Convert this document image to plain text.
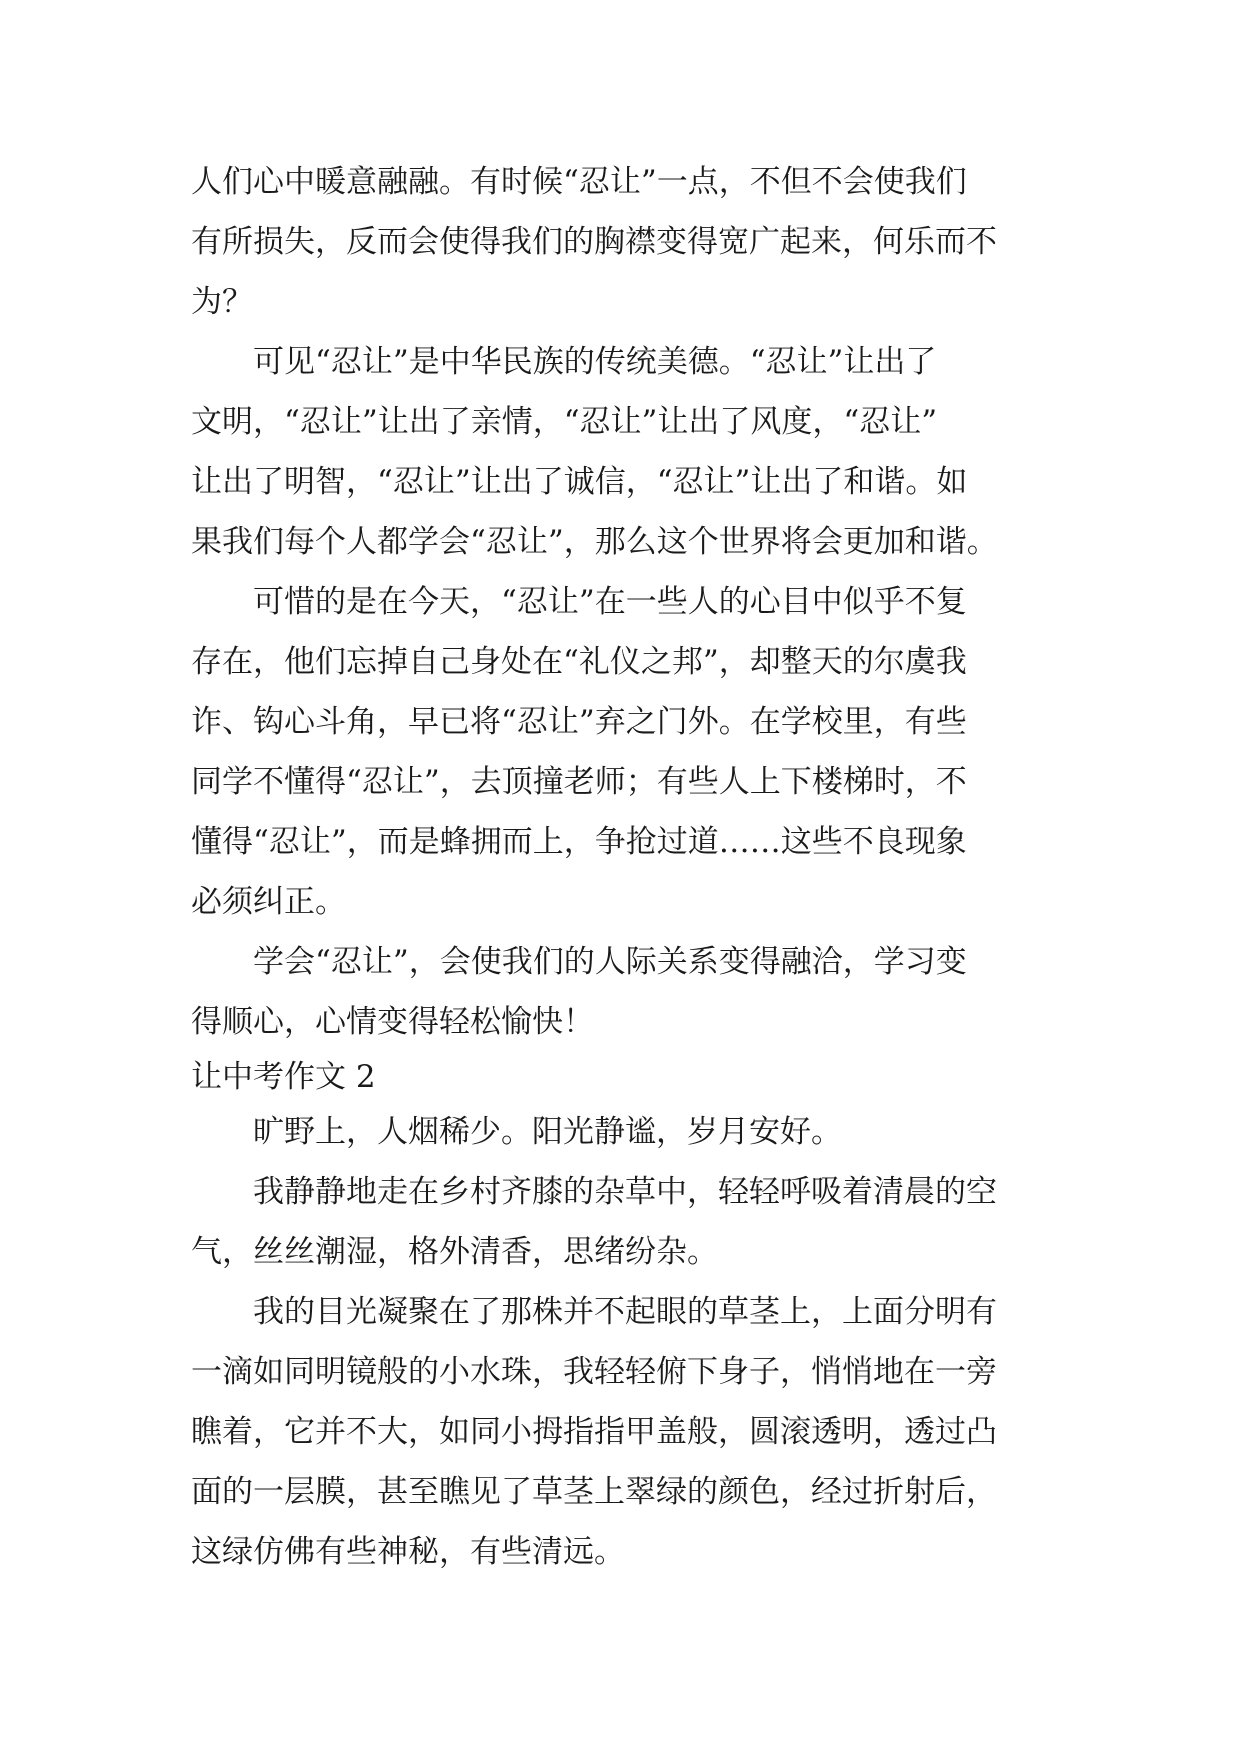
人们心中暖意融融。有时候“忍让”一点，不但不会使我们
有所损失，反而会使得我们的胸襟变得宽广起来，何乐而不
为？
可见“忍让”是中华民族的传统美德。“忍让”让出了
文明，“忍让”让出了亲情，“忍让”让出了风度，“忍让”
让出了明智，“忍让”让出了诚信，“忍让”让出了和谐。如
果我们每个人都学会“忍让”，那么这个世界将会更加和谐。
可惜的是在今天，“忍让”在一些人的心目中似乎不复
存在，他们忘掉自己身处在“礼仪之邦”，却整天的尔虞我
诈、钩心斗角，早已将“忍让”弃之门外。在学校里，有些
同学不懂得“忍让”，去顶撞老师；有些人上下楼梯时，不
懂得“忍让”，而是蜂拥而上，争抢过道……这些不良现象
必须纠正。
学会“忍让”，会使我们的人际关系变得融洽，学习变
得顺心，心情变得轻松愉快！
让中考作文 2
旷野上，人烟稀少。阳光静谧，岁月安好。
我静静地走在乡村齐膝的杂草中，轻轻呼吸着清晨的空
气，丝丝潮湿，格外清香，思绪纷杂。
我的目光凝聚在了那株并不起眼的草茎上，上面分明有
一滴如同明镜般的小水珠，我轻轻俯下身子，悄悄地在一旁
瞧着，它并不大，如同小拇指指甲盖般，圆滚透明，透过凸
面的一层膜，甚至瞧见了草茎上翠绿的颜色，经过折射后，
这绿仿佛有些神秘，有些清远。
